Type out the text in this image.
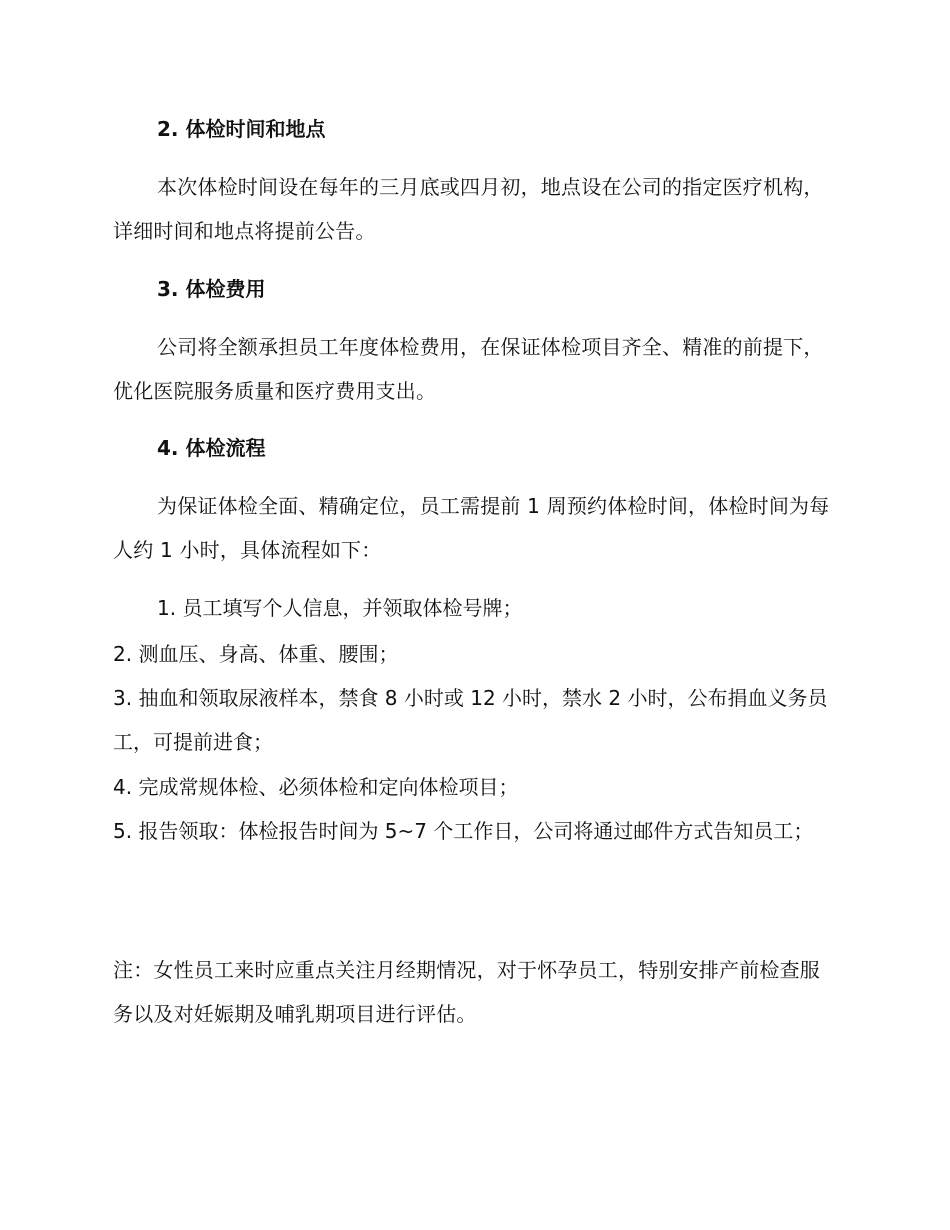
2. 体检时间和地点

本次体检时间设在每年的三月底或四月初，地点设在公司的指定医疗机构，详细时间和地点将提前公告。

3. 体检费用

公司将全额承担员工年度体检费用，在保证体检项目齐全、精准的前提下，优化医院服务质量和医疗费用支出。

4. 体检流程

为保证体检全面、精确定位，员工需提前 1 周预约体检时间，体检时间为每人约 1 小时，具体流程如下：

1. 员工填写个人信息，并领取体检号牌；

2. 测血压、身高、体重、腰围；

3. 抽血和领取尿液样本，禁食 8 小时或 12 小时，禁水 2 小时，公布捐血义务员工，可提前进食；

4. 完成常规体检、必须体检和定向体检项目；

5. 报告领取：体检报告时间为 5~7 个工作日，公司将通过邮件方式告知员工；

注：女性员工来时应重点关注月经期情况，对于怀孕员工，特别安排产前检查服务以及对妊娠期及哺乳期项目进行评估。
